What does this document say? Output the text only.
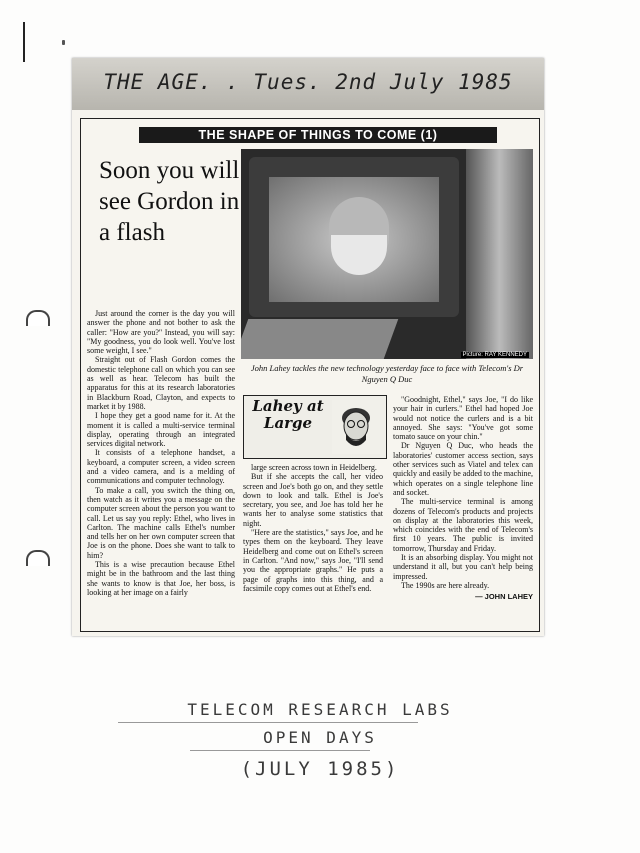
THE AGE. . Tues. 2nd July 1985
THE SHAPE OF THINGS TO COME (1)
Soon you will see Gordon in a flash
Picture: RAY KENNEDY
John Lahey tackles the new technology yesterday face to face with Telecom's Dr Nguyen Q Duc

Just around the corner is the day you will answer the phone and not bother to ask the caller: "How are you?" Instead, you will say: "My goodness, you do look well. You've lost some weight, I see."

Straight out of Flash Gordon comes the domestic telephone call on which you can see as well as hear. Telecom has built the apparatus for this at its research laboratories in Blackburn Road, Clayton, and expects to market it by 1988.

I hope they get a good name for it. At the moment it is called a multi-service terminal display, operating through an integrated services digital network.

It consists of a telephone handset, a keyboard, a computer screen, a video screen and a video camera, and is a melding of communications and computer technology.

To make a call, you switch the thing on, then watch as it writes you a message on the computer screen about the person you want to call. Let us say you reply: Ethel, who lives in Carlton. The machine calls Ethel's number and tells her on her own computer screen that Joe is on the phone. Does she want to talk to him?

This is a wise precaution because Ethel might be in the bathroom and the last thing she wants to know is that Joe, her boss, is looking at her image on a fairly

Lahey at Large

large screen across town in Heidelberg.

But if she accepts the call, her video screen and Joe's both go on, and they settle down to look and talk. Ethel is Joe's secretary, you see, and Joe has told her he wants her to analyse some statistics that night.

"Here are the statistics," says Joe, and he types them on the keyboard. They leave Heidelberg and come out on Ethel's screen in Carlton. "And now," says Joe, "I'll send you the appropriate graphs." He puts a page of graphs into this thing, and a facsimile copy comes out at Ethel's end.

"Goodnight, Ethel," says Joe, "I do like your hair in curlers." Ethel had hoped Joe would not notice the curlers and is a bit annoyed. She says: "You've got some tomato sauce on your chin."

Dr Nguyen Q Duc, who heads the laboratories' customer access section, says other services such as Viatel and telex can quickly and easily be added to the machine, which operates on a single telephone line and socket.

The multi-service terminal is among dozens of Telecom's products and projects on display at the laboratories this week, which coincides with the end of Telecom's first 10 years. The public is invited tomorrow, Thursday and Friday.

It is an absorbing display. You might not understand it all, but you can't help being impressed.

The 1990s are here already.

— JOHN LAHEY
TELECOM RESEARCH LABS
OPEN DAYS
(JULY 1985)
